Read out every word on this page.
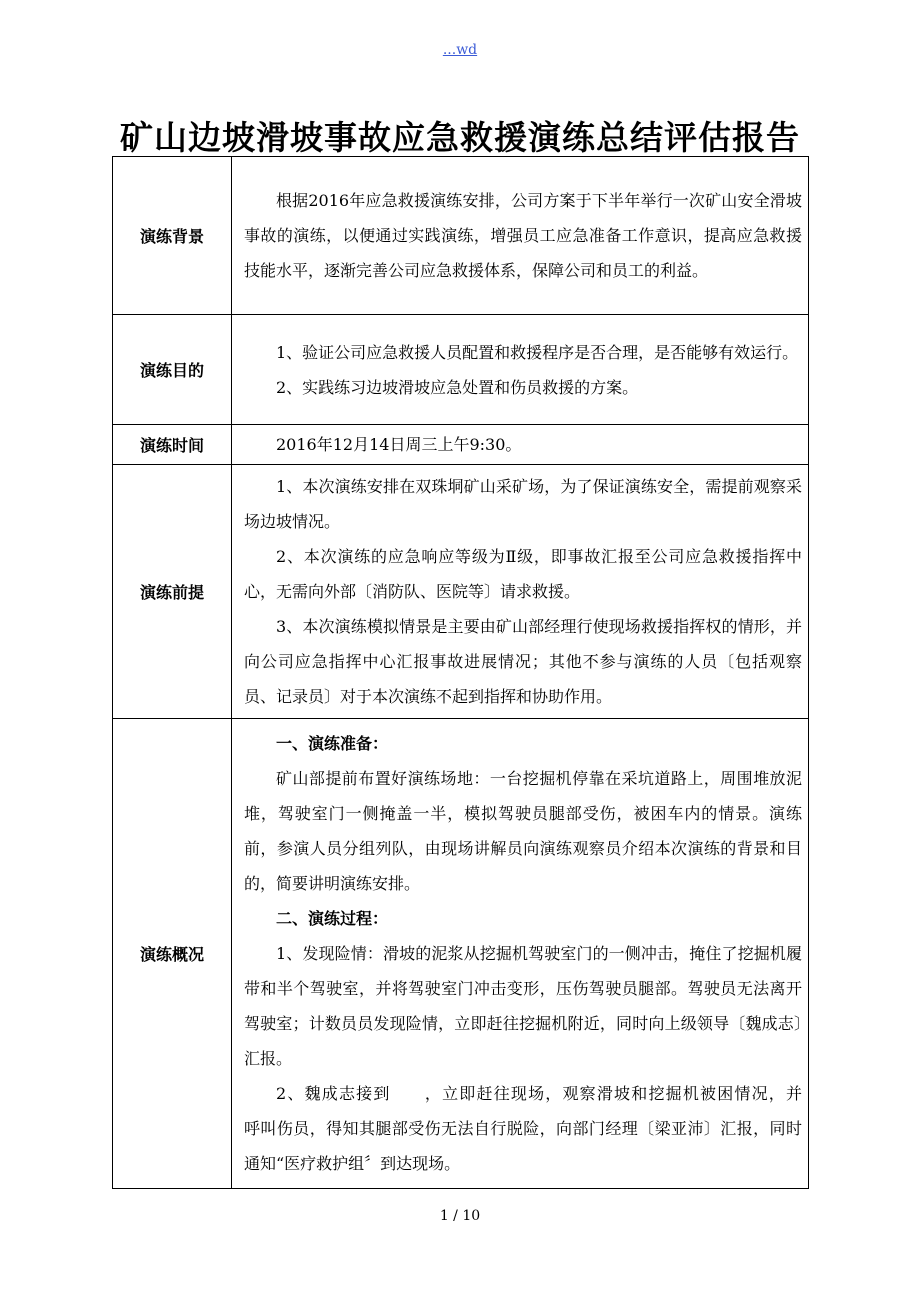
...wd
矿山边坡滑坡事故应急救援演练总结评估报告
演练背景	根据2016年应急救援演练安排，公司方案于下半年举行一次矿山安全滑坡事故的演练，以便通过实践演练，增强员工应急准备工作意识，提高应急救援技能水平，逐渐完善公司应急救援体系，保障公司和员工的利益。

演练目的	1、验证公司应急救援人员配置和救援程序是否合理，是否能够有效运行。

2、实践练习边坡滑坡应急处置和伤员救援的方案。

演练时间	2016年12月14日周三上午9:30。

演练前提	1、本次演练安排在双珠垌矿山采矿场，为了保证演练安全，需提前观察采场边坡情况。

2、本次演练的应急响应等级为Ⅱ级，即事故汇报至公司应急救援指挥中心，无需向外部〔消防队、医院等〕请求救援。

3、本次演练模拟情景是主要由矿山部经理行使现场救援指挥权的情形，并向公司应急指挥中心汇报事故进展情况；其他不参与演练的人员〔包括观察员、记录员〕对于本次演练不起到指挥和协助作用。

演练概况	一、演练准备：

矿山部提前布置好演练场地：一台挖掘机停靠在采坑道路上，周围堆放泥堆，驾驶室门一侧掩盖一半，模拟驾驶员腿部受伤，被困车内的情景。演练前，参演人员分组列队，由现场讲解员向演练观察员介绍本次演练的背景和目的，简要讲明演练安排。

二、演练过程：

1、发现险情：滑坡的泥浆从挖掘机驾驶室门的一侧冲击，掩住了挖掘机履带和半个驾驶室，并将驾驶室门冲击变形，压伤驾驶员腿部。驾驶员无法离开驾驶室；计数员员发现险情，立即赶往挖掘机附近，同时向上级领导〔魏成志〕　　汇报。

2、魏成志接到　　，立即赶往现场，观察滑坡和挖掘机被困情况，并　　呼叫伤员，得知其腿部受伤无法自行脱险，向部门经理〔梁亚沛〕汇报，同时通知“医疗救护组〞到达现场。

1 / 10
